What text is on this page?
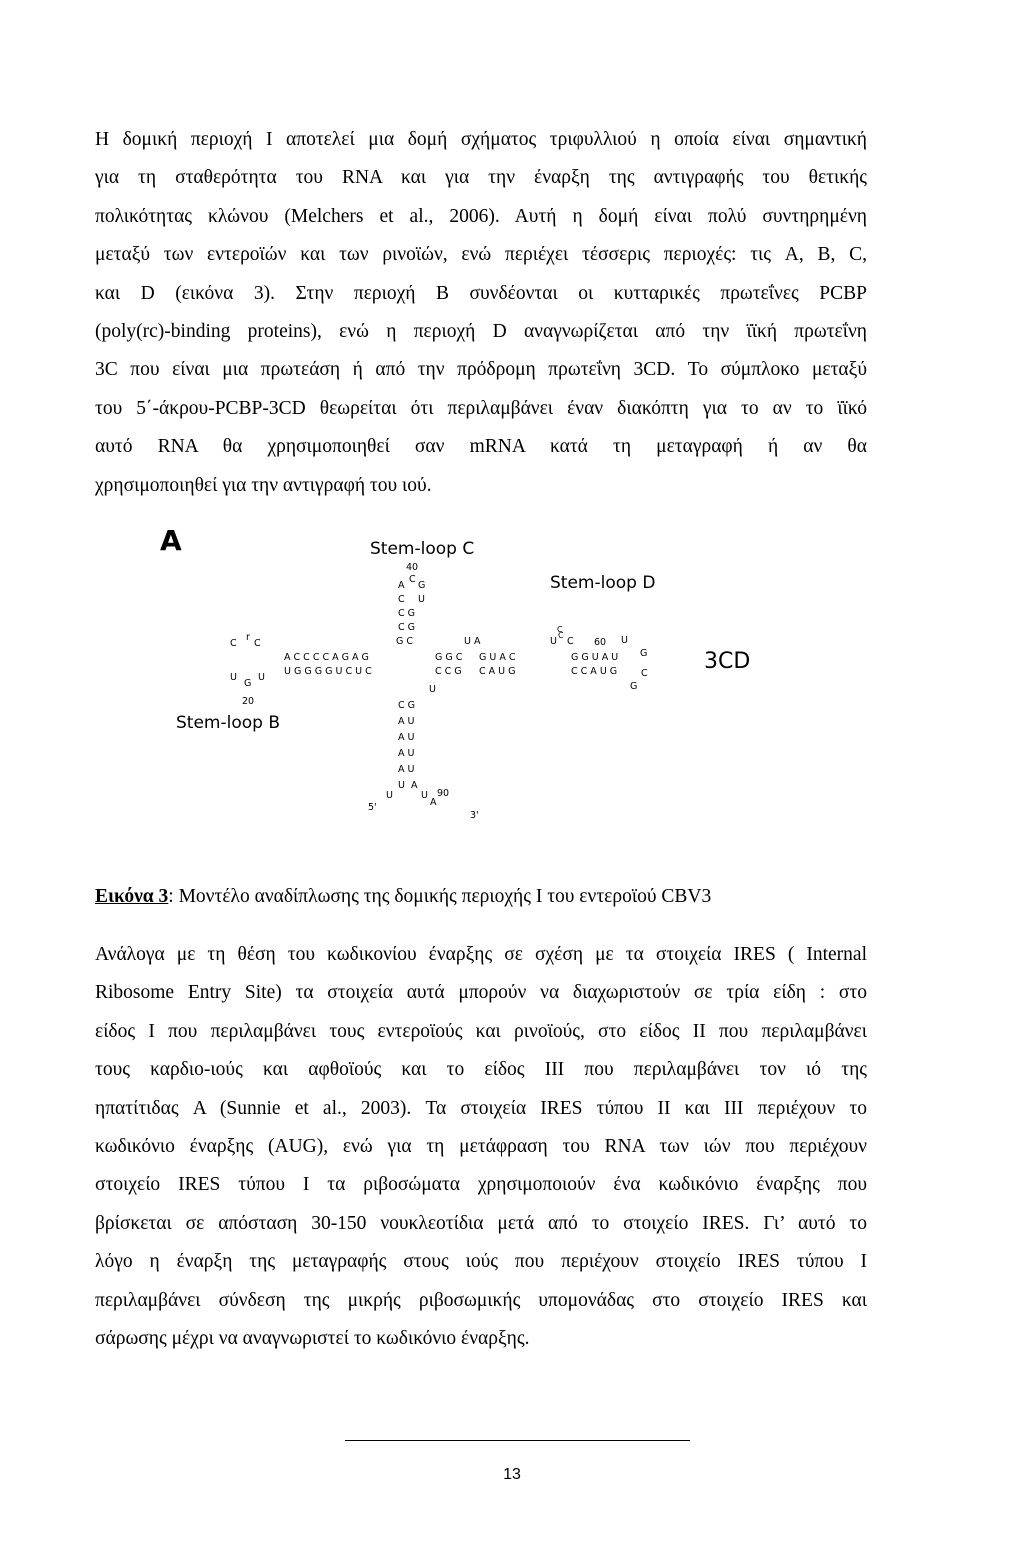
Η δομική περιοχή I αποτελεί μια δομή σχήματος τριφυλλιού η οποία είναι σημαντική
για τη σταθερότητα του RNA και για την έναρξη της αντιγραφής του θετικής
πολικότητας κλώνου (Melchers et al., 2006). Αυτή η δομή είναι πολύ συντηρημένη
μεταξύ των εντεροϊών και των ρινοϊών, ενώ περιέχει τέσσερις περιοχές: τις A, B, C,
και D (εικόνα 3). Στην περιοχή B συνδέονται οι κυτταρικές πρωτεΐνες PCBP
(poly(rc)-binding proteins), ενώ η περιοχή D αναγνωρίζεται από την ϊϊκή πρωτεΐνη
3C που είναι μια πρωτεάση ή από την πρόδρομη πρωτεΐνη 3CD. Το σύμπλοκο μεταξύ
του 5΄-άκρου-PCBP-3CD θεωρείται ότι περιλαμβάνει έναν διακόπτη για το αν το ϊϊκό
αυτό RNA θα χρησιμοποιηθεί σαν mRNA κατά τη μεταγραφή ή αν θα
χρησιμοποιηθεί για την αντιγραφή του ιού.
A	Stem-loop C
Stem-loop D
Stem-loop B
3CD
40
A
C
G
C U
C G
C G
C
r
C	G C	U A	U
C
C
C
60 U
A C C C C A G A G	G G C G U A C	G G U A U G
U
U G G G G U C U C	C C G C A U G	C C A U G	C
G
G
U
20
U
C G
A U
A U
A U
A U
U A
U	U
A
90
5'
3'
Εικόνα 3: Μοντέλο αναδίπλωσης της δομικής περιοχής I του εντεροϊού CBV3
Ανάλογα με τη θέση του κωδικονίου έναρξης σε σχέση με τα στοιχεία IRES ( Internal
Ribosome Entry Site) τα στοιχεία αυτά μπορούν να διαχωριστούν σε τρία είδη : στο
είδος I που περιλαμβάνει τους εντεροϊούς και ρινοϊούς, στο είδος II που περιλαμβάνει
τους καρδιο-ιούς και αφθοϊούς και το είδος III που περιλαμβάνει τον ιό της
ηπατίτιδας A (Sunnie et al., 2003). Τα στοιχεία IRES τύπου II και III περιέχουν το
κωδικόνιο έναρξης (AUG), ενώ για τη μετάφραση του RNA των ιών που περιέχουν
στοιχείο IRES τύπου I τα ριβοσώματα χρησιμοποιούν ένα κωδικόνιο έναρξης που
βρίσκεται σε απόσταση 30-150 νουκλεοτίδια μετά από το στοιχείο IRES. Γι’ αυτό το
λόγο η έναρξη της μεταγραφής στους ιούς που περιέχουν στοιχείο IRES τύπου I
περιλαμβάνει σύνδεση της μικρής ριβοσωμικής υπομονάδας στο στοιχείο IRES και
σάρωσης μέχρι να αναγνωριστεί το κωδικόνιο έναρξης.
13
